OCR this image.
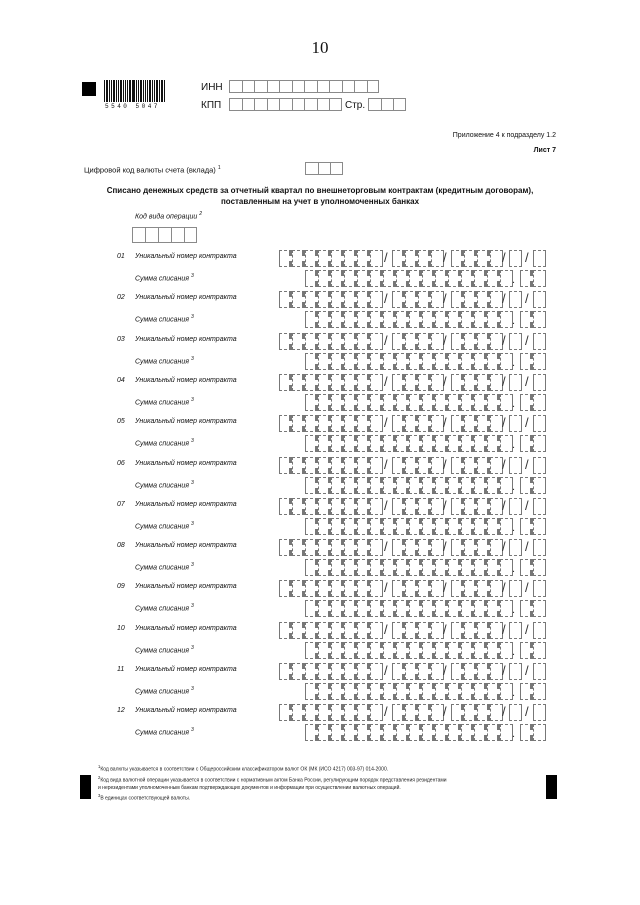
10
5540 5047
ИНН
КПП	Стр.
Приложение 4 к подразделу 1.2
Лист 7
Цифровой код валюты счета (вклада) $^1$
Списано денежных средств за отчетный квартал по внешнеторговым контрактам (кредитным договорам),
поставленным на учет в уполномоченных банках
Код вида операции $^2$
01 Уникальный номер контракта	/	/	/ /
Сумма списания $^3$	.
02 Уникальный номер контракта	/	/	/ /
Сумма списания $^3$	.
03 Уникальный номер контракта	/	/	/ /
Сумма списания $^3$	.
04 Уникальный номер контракта	/	/	/ /
Сумма списания $^3$	.
05 Уникальный номер контракта	/	/	/ /
Сумма списания $^3$	.
06 Уникальный номер контракта	/	/	/ /
Сумма списания $^3$	.
07 Уникальный номер контракта	/	/	/ /
Сумма списания $^3$	.
08 Уникальный номер контракта	/	/	/ /
Сумма списания $^3$	.
09 Уникальный номер контракта	/	/	/ /
Сумма списания $^3$	.
10 Уникальный номер контракта	/	/	/ /
Сумма списания $^3$	.
11 Уникальный номер контракта	/	/	/ /
Сумма списания $^3$	.
12 Уникальный номер контракта	/	/	/ /
Сумма списания $^3$	.
$^1$Код валюты указывается в соответствии с Общероссийским классификатором валют ОК (МК (ИСО 4217) 003-97) 014-2000.
$^2$Код вида валютной операции указывается в соответствии с нормативным актом Банка России, регулирующим порядок представления резидентами
и нерезидентами уполномоченным банкам подтверждающих документов и информации при осуществлении валютных операций.
$^3$В единицах соответствующей валюты.
